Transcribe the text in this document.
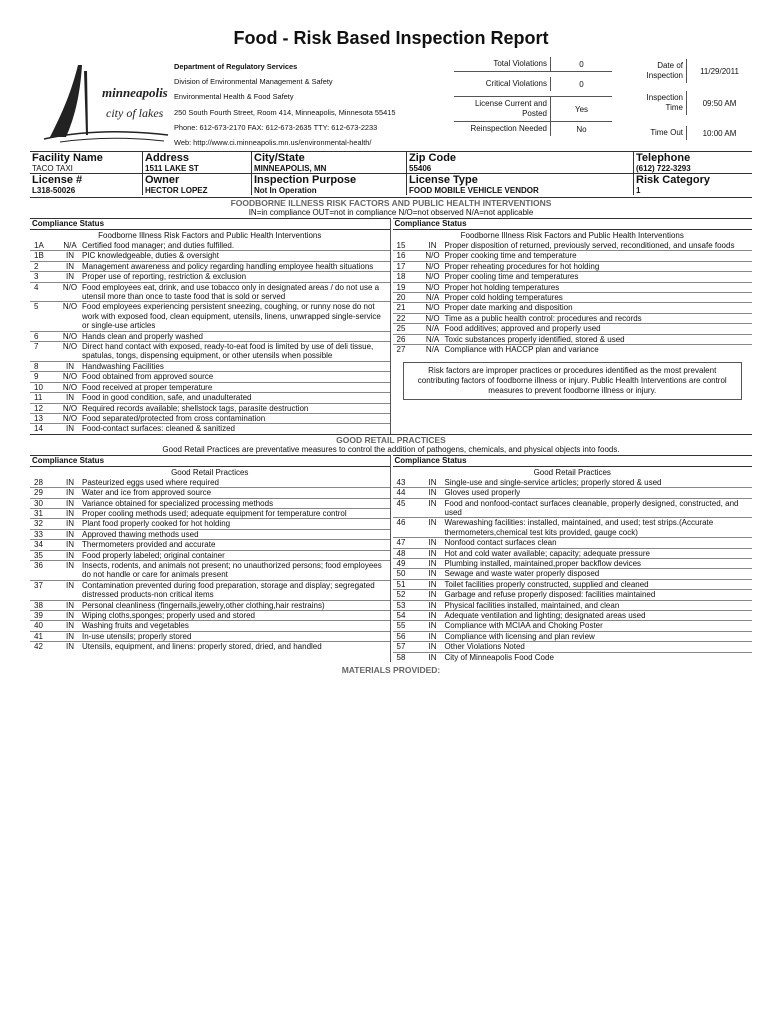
Food - Risk Based Inspection Report
minneapolis
city of lakes
Department of Regulatory Services
Division of Environmental Management & Safety
Environmental Health & Food Safety
250 South Fourth Street, Room 414, Minneapolis, Minnesota 55415
Phone: 612-673-2170 FAX: 612-673-2635 TTY: 612-673-2233
Web: http://www.ci.minneapolis.mn.us/environmental-health/
Total Violations	0
Critical Violations	0
License Current and Posted	Yes
Reinspection Needed	No
Date of Inspection	11/29/2011
Inspection Time	09:50 AM
Time Out	10:00 AM
Facility Name	Address	City/State	Zip Code	Telephone
TACO TAXI	1511 LAKE ST	MINNEAPOLIS, MN	55406	(612) 722-3293
License #	Owner	Inspection Purpose	License Type	Risk Category
L318-50026	HECTOR LOPEZ	Not In Operation	FOOD MOBILE VEHICLE VENDOR	1
FOODBORNE ILLNESS RISK FACTORS AND PUBLIC HEALTH INTERVENTIONS
IN=in compliance OUT=not in compliance N/O=not observed N/A=not applicable
Compliance Status
Foodborne Illness Risk Factors and Public Health Interventions
1A	N/A Certified food manager; and duties fulfilled.
1B	IN	PIC knowledgeable, duties & oversight
2	IN	Management awareness and policy regarding handling employee health situations
3	IN	Proper use of reporting, restriction & exclusion
4	N/O Food employees eat, drink, and use tobacco only in designated areas / do not use a utensil more than once to taste food that is sold or served
5	N/O Food employees experiencing persistent sneezing, coughing, or runny nose do not work with exposed food, clean equipment, utensils, linens, unwrapped single-service or single-use articles
6	N/O Hands clean and properly washed
7	N/O Direct hand contact with exposed, ready-to-eat food is limited by use of deli tissue, spatulas, tongs, dispensing equipment, or other utensils when possible
8	IN	Handwashing Facilities
9	N/O Food obtained from approved source
10	N/O Food received at proper temperature
11	IN	Food in good condition, safe, and unadulterated
12	N/O Required records available; shellstock tags, parasite destruction
13	N/O Food separated/protected from cross contamination
14	IN	Food-contact surfaces: cleaned & sanitized
Compliance Status
Foodborne Illness Risk Factors and Public Health Interventions
15	IN	Proper disposition of returned, previously served, reconditioned, and unsafe foods
16	N/O Proper cooking time and temperature
17	N/O Proper reheating procedures for hot holding
18	N/O Proper cooling time and temperatures
19	N/O Proper hot holding temperatures
20	N/A Proper cold holding temperatures
21	N/O Proper date marking and disposition
22	N/O Time as a public health control: procedures and records
25	N/A Food additives; approved and properly used
26	N/A Toxic substances properly identified, stored & used
27	N/A Compliance with HACCP plan and variance
Risk factors are improper practices or procedures identified as the most prevalent contributing factors of foodborne illness or injury. Public Health Interventions are control measures to prevent foodborne illness or injury.
GOOD RETAIL PRACTICES
Good Retail Practices are preventative measures to control the addition of pathogens, chemicals, and physical objects into foods.
Compliance Status
Good Retail Practices
28	IN	Pasteurized eggs used where required
29	IN	Water and ice from approved source
30	IN	Variance obtained for specialized processing methods
31	IN	Proper cooling methods used; adequate equipment for temperature control
32	IN	Plant food properly cooked for hot holding
33	IN	Approved thawing methods used
34	IN	Thermometers provided and accurate
35	IN	Food properly labeled; original container
36	IN	Insects, rodents, and animals not present; no unauthorized persons; food employees do not handle or care for animals present
37	IN	Contamination prevented during food preparation, storage and display; segregated distressed products-non critical items
38	IN	Personal cleanliness (fingernails,jewelry,other clothing,hair restrains)
39	IN	Wiping cloths,sponges; properly used and stored
40	IN	Washing fruits and vegetables
41	IN	In-use utensils; properly stored
42	IN	Utensils, equipment, and linens: properly stored, dried, and handled
Compliance Status
Good Retail Practices
43	IN	Single-use and single-service articles; properly stored & used
44	IN	Gloves used properly
45	IN	Food and nonfood-contact surfaces cleanable, properly designed, constructed, and used
46	IN	Warewashing facilities: installed, maintained, and used; test strips.(Accurate thermometers,chemical test kits provided, gauge cock)
47	IN	Nonfood contact surfaces clean
48	IN	Hot and cold water available; capacity; adequate pressure
49	IN	Plumbing installed, maintained,proper backflow devices
50	IN	Sewage and waste water properly disposed
51	IN	Toilet facilities properly constructed, supplied and cleaned
52	IN	Garbage and refuse properly disposed: facilities maintained
53	IN	Physical facilities installed, maintained, and clean
54	IN	Adequate ventilation and lighting; designated areas used
55	IN	Compliance with MCIAA and Choking Poster
56	IN	Compliance with licensing and plan review
57	IN	Other Violations Noted
58	IN	City of Minneapolis Food Code
MATERIALS PROVIDED:
